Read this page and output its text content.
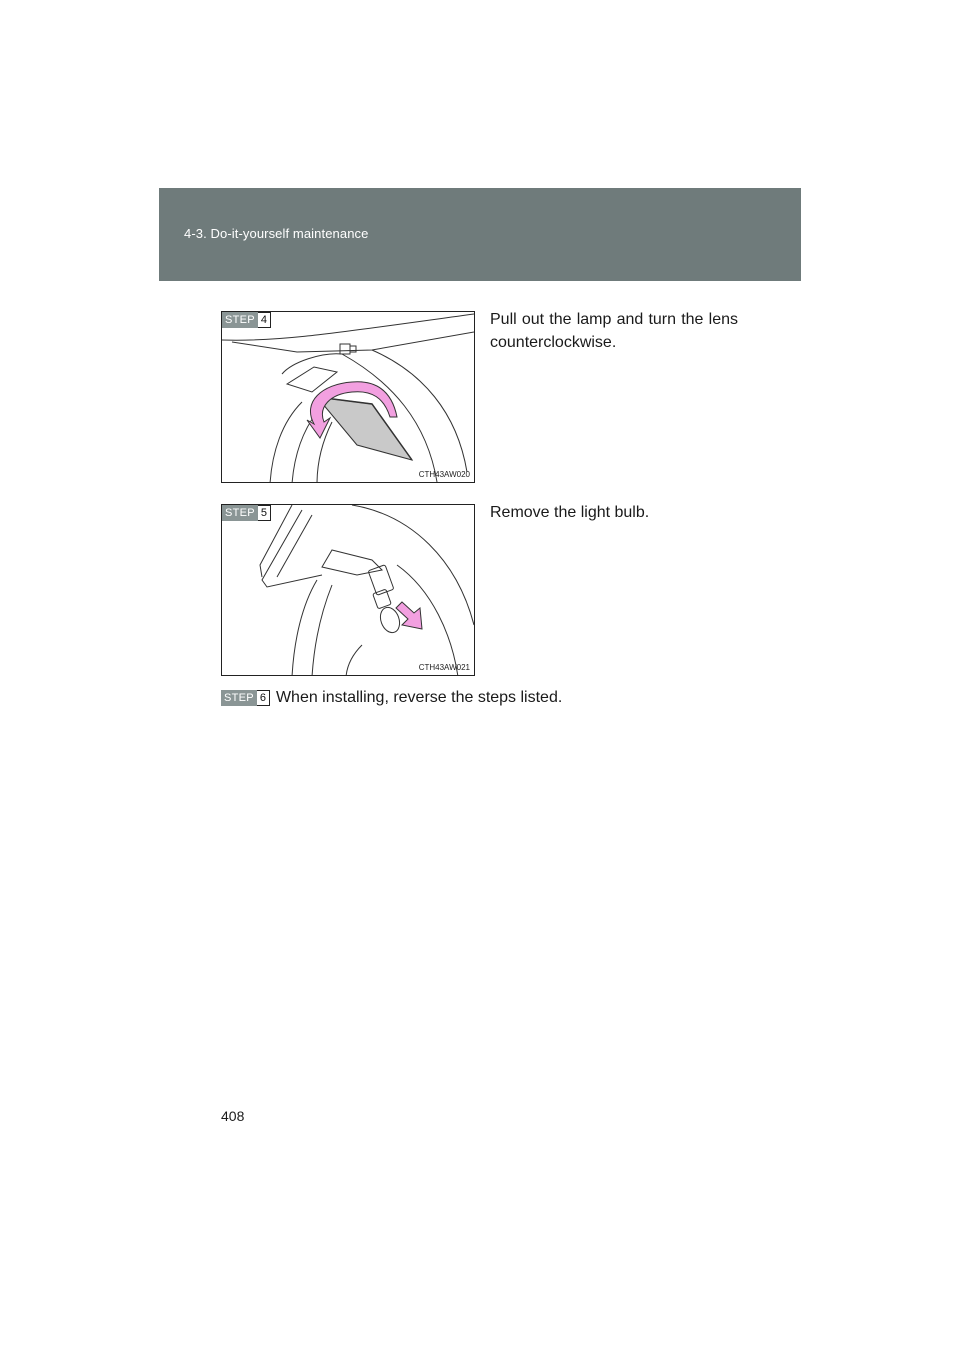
4-3. Do-it-yourself maintenance
STEP 4
CTH43AW020
Pull out the lamp and turn the lens counterclockwise.
STEP 5
CTH43AW021
Remove the light bulb.
STEP 6 When installing, reverse the steps listed.
408
